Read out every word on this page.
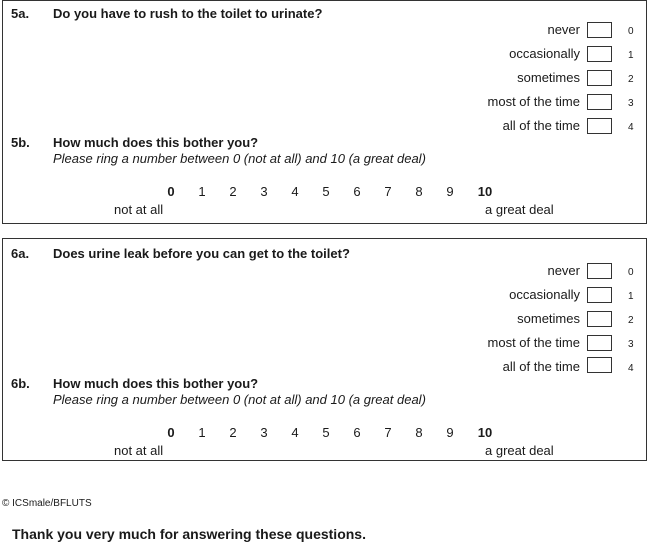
5a. Do you have to rush to the toilet to urinate?
never	0
occasionally	1
sometimes	2
most of the time	3
all of the time	4
5b. How much does this bother you?
Please ring a number between 0 (not at all) and 10 (a great deal)
0	1	2	3	4	5	6	7	8	9	10
not at all	a great deal
6a. Does urine leak before you can get to the toilet?
never	0
occasionally	1
sometimes	2
most of the time	3
all of the time	4
6b. How much does this bother you?
Please ring a number between 0 (not at all) and 10 (a great deal)
0	1	2	3	4	5	6	7	8	9	10
not at all	a great deal
© ICSmale/BFLUTS
Thank you very much for answering these questions.
